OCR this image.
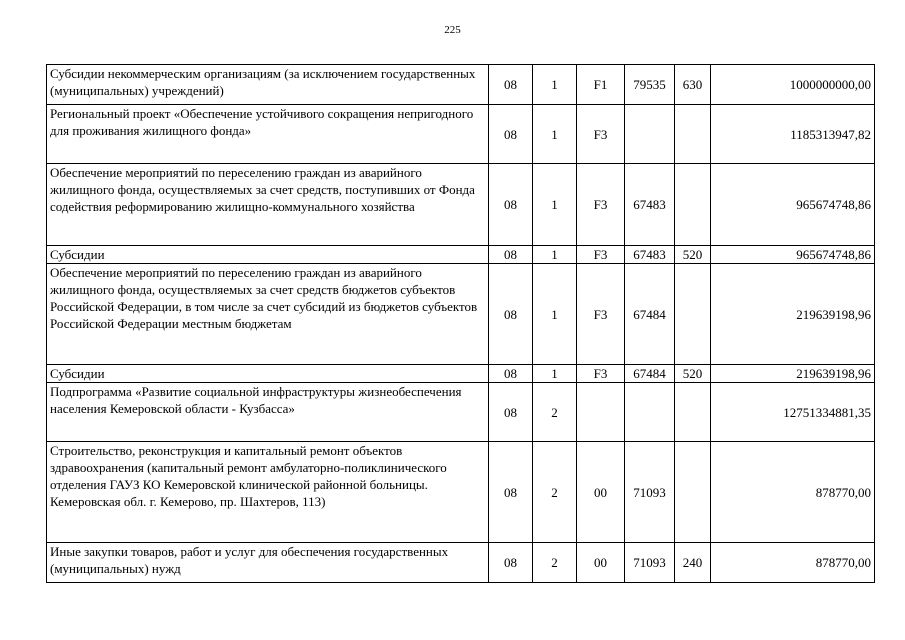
225
Субсидии некоммерческим организациям (за исключением государственных (муниципальных) учреждений)	08	1	F1	79535	630	1000000000,00
Региональный проект «Обеспечение устойчивого сокращения непригодного для проживания жилищного фонда»	08	1	F3			1185313947,82
Обеспечение мероприятий по переселению граждан из аварийного жилищного фонда, осуществляемых за счет средств, поступивших от Фонда содействия реформированию жилищно-коммунального хозяйства	08	1	F3	67483		965674748,86
Субсидии	08	1	F3	67483	520	965674748,86
Обеспечение мероприятий по переселению граждан из аварийного жилищного фонда, осуществляемых за счет средств бюджетов субъектов Российской Федерации, в том числе за счет субсидий из бюджетов субъектов Российской Федерации местным бюджетам	08	1	F3	67484		219639198,96
Субсидии	08	1	F3	67484	520	219639198,96
Подпрограмма «Развитие социальной инфраструктуры жизнеобеспечения населения Кемеровской области - Кузбасса»	08	2				12751334881,35
Строительство, реконструкция и капитальный ремонт объектов здравоохранения (капитальный ремонт амбулаторно-поликлинического отделения ГАУЗ КО Кемеровской клинической районной больницы. Кемеровская обл. г. Кемерово, пр. Шахтеров, 113)	08	2	00	71093		878770,00
Иные закупки товаров, работ и услуг для обеспечения государственных (муниципальных) нужд	08	2	00	71093	240	878770,00
